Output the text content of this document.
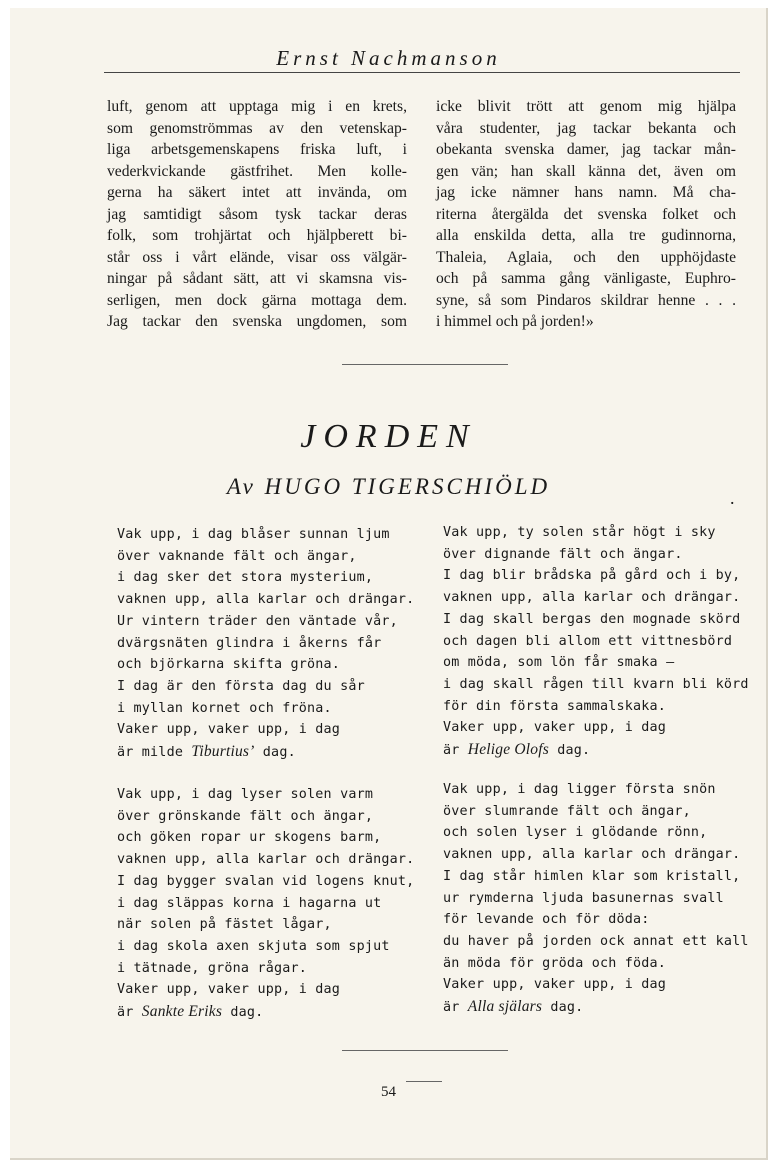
Ernst Nachmanson

luft, genom att upptaga mig i en krets,
som genomströmmas av den vetenskap-
liga arbetsgemenskapens friska luft, i
vederkvickande gästfrihet. Men kolle-
gerna ha säkert intet att invända, om
jag samtidigt såsom tysk tackar deras
folk, som trohjärtat och hjälpberett bi-
står oss i vårt elände, visar oss välgär-
ningar på sådant sätt, att vi skamsna vis-
serligen, men dock gärna mottaga dem.
Jag tackar den svenska ungdomen, som

icke blivit trött att genom mig hjälpa
våra studenter, jag tackar bekanta och
obekanta svenska damer, jag tackar mån-
gen vän; han skall känna det, även om
jag icke nämner hans namn. Må cha-
riterna återgälda det svenska folket och
alla enskilda detta, alla tre gudinnorna,
Thaleia, Aglaia, och den upphöjdaste
och på samma gång vänligaste, Euphro-
syne, så som Pindaros skildrar henne . . .
i himmel och på jorden!»

JORDEN
Av HUGO TIGERSCHIÖLD	.
Vak upp, i dag blåser sunnan ljum
över vaknande fält och ängar,
i dag sker det stora mysterium,
vaknen upp, alla karlar och drängar.
Ur vintern träder den väntade vår,
dvärgsnäten glindra i åkerns får
och björkarna skifta gröna.
I dag är den första dag du sår
i myllan kornet och fröna.
Vaker upp, vaker upp, i dag
är milde Tiburtius’ dag.
Vak upp, ty solen står högt i sky
över dignande fält och ängar.
I dag blir brådska på gård och i by,
vaknen upp, alla karlar och drängar.
I dag skall bergas den mognade skörd
och dagen bli allom ett vittnesbörd
om möda, som lön får smaka —
i dag skall rågen till kvarn bli körd
för din första sammalskaka.
Vaker upp, vaker upp, i dag
är Helige Olofs dag.
Vak upp, i dag lyser solen varm
över grönskande fält och ängar,
och göken ropar ur skogens barm,
vaknen upp, alla karlar och drängar.
I dag bygger svalan vid logens knut,
i dag släppas korna i hagarna ut
när solen på fästet lågar,
i dag skola axen skjuta som spjut
i tätnade, gröna rågar.
Vaker upp, vaker upp, i dag
är Sankte Eriks dag.
Vak upp, i dag ligger första snön
över slumrande fält och ängar,
och solen lyser i glödande rönn,
vaknen upp, alla karlar och drängar.
I dag står himlen klar som kristall,
ur rymderna ljuda basunernas svall
för levande och för döda:
du haver på jorden ock annat ett kall
än möda för gröda och föda.
Vaker upp, vaker upp, i dag
är Alla själars dag.
54
